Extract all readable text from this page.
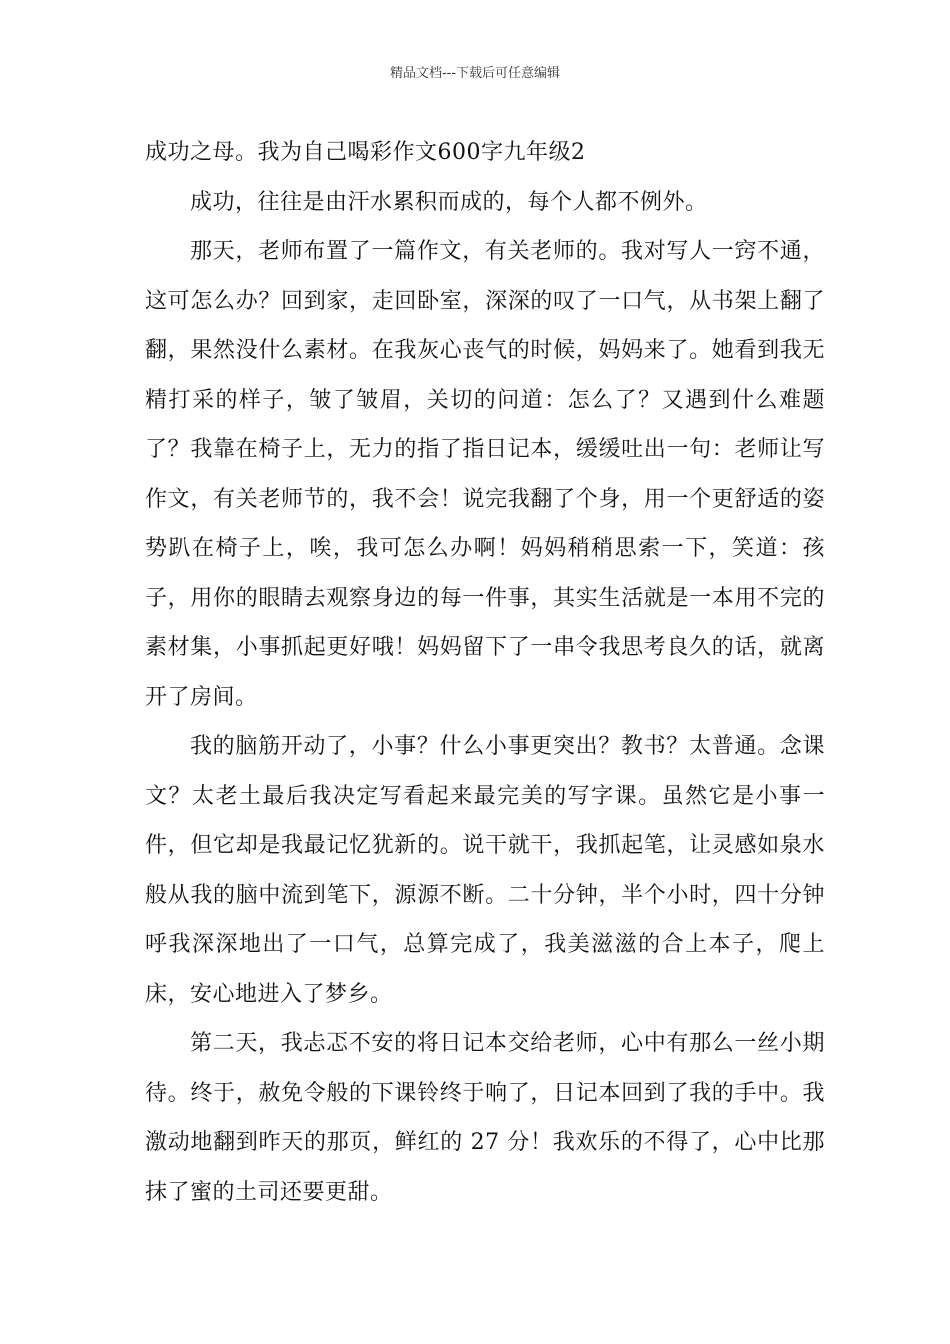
精品文档---下载后可任意编辑

成功之母。我为自己喝彩作文600字九年级2

成功，往往是由汗水累积而成的，每个人都不例外。

那天，老师布置了一篇作文，有关老师的。我对写人一窍不通，这可怎么办？回到家，走回卧室，深深的叹了一口气，从书架上翻了翻，果然没什么素材。在我灰心丧气的时候，妈妈来了。她看到我无精打采的样子，皱了皱眉，关切的问道：怎么了？又遇到什么难题了？我靠在椅子上，无力的指了指日记本，缓缓吐出一句：老师让写作文，有关老师节的，我不会！说完我翻了个身，用一个更舒适的姿势趴在椅子上，唉，我可怎么办啊！妈妈稍稍思索一下，笑道：孩子，用你的眼睛去观察身边的每一件事，其实生活就是一本用不完的素材集，小事抓起更好哦！妈妈留下了一串令我思考良久的话，就离开了房间。

我的脑筋开动了，小事？什么小事更突出？教书？太普通。念课文？太老土最后我决定写看起来最完美的写字课。虽然它是小事一件，但它却是我最记忆犹新的。说干就干，我抓起笔，让灵感如泉水般从我的脑中流到笔下，源源不断。二十分钟，半个小时，四十分钟呼我深深地出了一口气，总算完成了，我美滋滋的合上本子，爬上床，安心地进入了梦乡。

第二天，我忐忑不安的将日记本交给老师，心中有那么一丝小期待。终于，赦免令般的下课铃终于响了，日记本回到了我的手中。我激动地翻到昨天的那页，鲜红的 27 分！我欢乐的不得了，心中比那抹了蜜的土司还要更甜。
